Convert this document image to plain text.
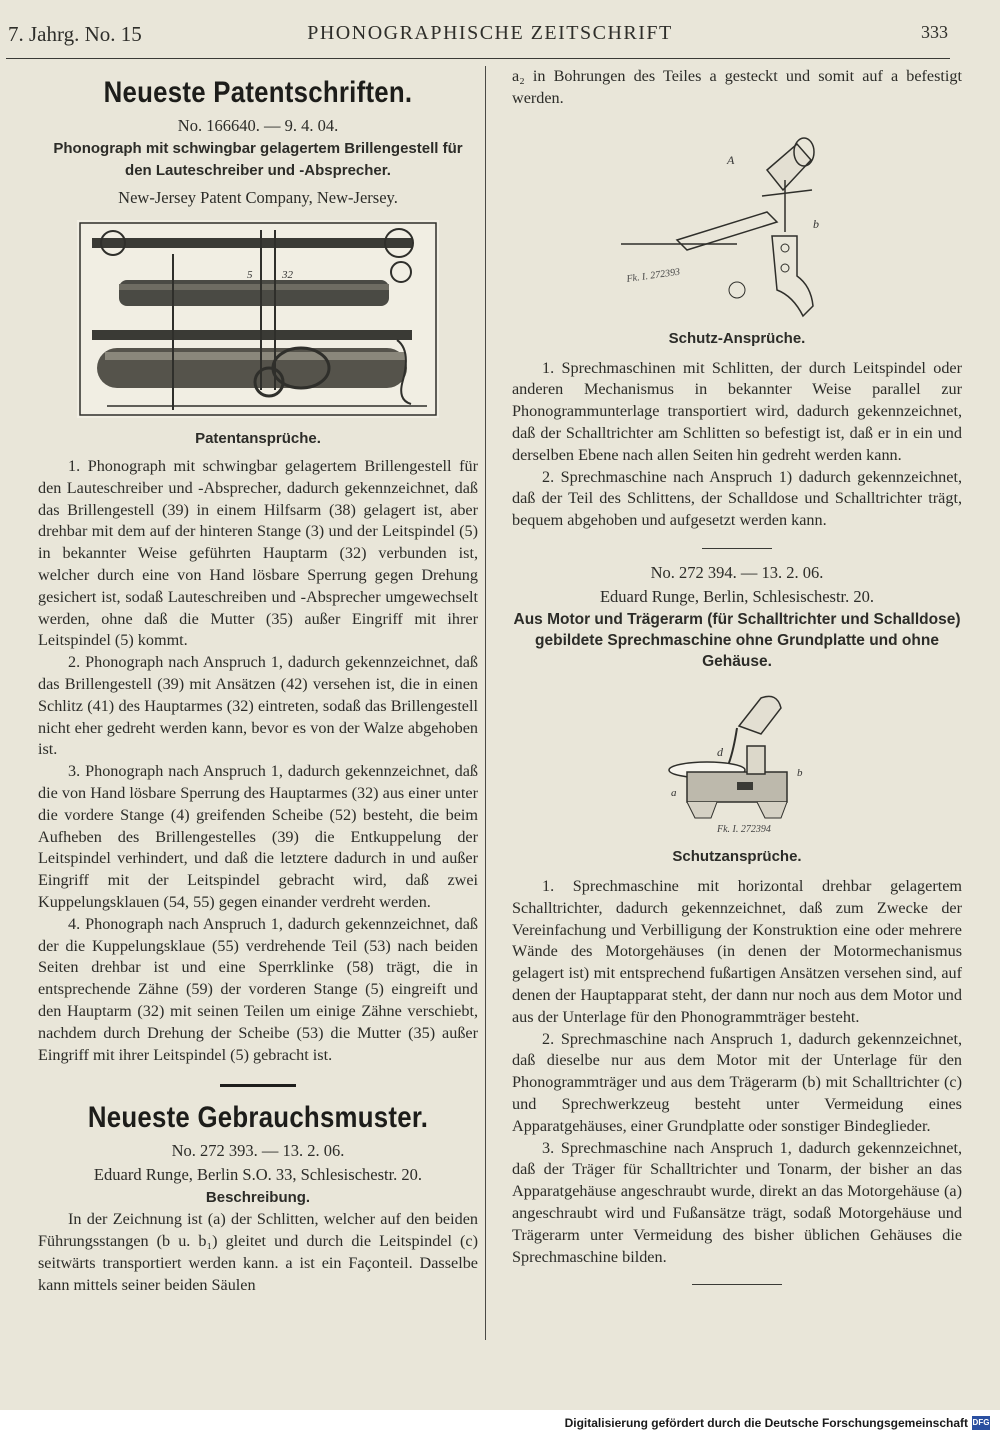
7. Jahrg. No. 15	PHONOGRAPHISCHE ZEITSCHRIFT	333
Neueste Patentschriften.
No. 166640. — 9. 4. 04.
Phonograph mit schwingbar gelagertem Brillengestell für den Lauteschreiber und -Absprecher.
New-Jersey Patent Company, New-Jersey.
5	32
Patentansprüche.

1. Phonograph mit schwingbar gelagertem Brillengestell für den Lauteschreiber und -Absprecher, dadurch gekennzeichnet, daß das Brillengestell (39) in einem Hilfsarm (38) gelagert ist, aber drehbar mit dem auf der hinteren Stange (3) und der Leitspindel (5) in bekannter Weise geführten Hauptarm (32) verbunden ist, welcher durch eine von Hand lösbare Sperrung gegen Drehung gesichert ist, sodaß Lauteschreiben und -Absprecher umgewechselt werden, ohne daß die Mutter (35) außer Eingriff mit ihrer Leitspindel (5) kommt.

2. Phonograph nach Anspruch 1, dadurch gekennzeichnet, daß das Brillengestell (39) mit Ansätzen (42) versehen ist, die in einen Schlitz (41) des Hauptarmes (32) eintreten, sodaß das Brillengestell nicht eher gedreht werden kann, bevor es von der Walze abgehoben ist.

3. Phonograph nach Anspruch 1, dadurch gekennzeichnet, daß die von Hand lösbare Sperrung des Hauptarmes (32) aus einer unter die vordere Stange (4) greifenden Scheibe (52) besteht, die beim Aufheben des Brillengestelles (39) die Entkuppelung der Leitspindel verhindert, und daß die letztere dadurch in und außer Eingriff mit der Leitspindel gebracht wird, daß zwei Kuppelungsklauen (54, 55) gegen einander verdreht werden.

4. Phonograph nach Anspruch 1, dadurch gekennzeichnet, daß der die Kuppelungsklaue (55) verdrehende Teil (53) nach beiden Seiten drehbar ist und eine Sperrklinke (58) trägt, die in entsprechende Zähne (59) der vorderen Stange (5) eingreift und den Hauptarm (32) mit seinen Teilen um einige Zähne verschiebt, nachdem durch Drehung der Scheibe (53) die Mutter (35) außer Eingriff mit ihrer Leitspindel (5) gebracht ist.

Neueste Gebrauchsmuster.
No. 272 393. — 13. 2. 06.
Eduard Runge, Berlin S.O. 33, Schlesischestr. 20.
Beschreibung.

In der Zeichnung ist (a) der Schlitten, welcher auf den beiden Führungsstangen (b u. b₁) gleitet und durch die Leitspindel (c) seitwärts transportiert werden kann. a ist ein Façonteil. Dasselbe kann mittels seiner beiden Säulen

a₂ in Bohrungen des Teiles a gesteckt und somit auf a befestigt werden.

A
b
Fk. I. 272393
Schutz-Ansprüche.

1. Sprechmaschinen mit Schlitten, der durch Leitspindel oder anderen Mechanismus in bekannter Weise parallel zur Phonogrammunterlage transportiert wird, dadurch gekennzeichnet, daß der Schalltrichter am Schlitten so befestigt ist, daß er in ein und derselben Ebene nach allen Seiten hin gedreht werden kann.

2. Sprechmaschine nach Anspruch 1) dadurch gekennzeichnet, daß der Teil des Schlittens, der Schalldose und Schalltrichter trägt, bequem abgehoben und aufgesetzt werden kann.

No. 272 394. — 13. 2. 06.
Eduard Runge, Berlin, Schlesischestr. 20.
Aus Motor und Trägerarm (für Schalltrichter und Schalldose) gebildete Sprechmaschine ohne Grundplatte und ohne Gehäuse.
d
a
b
Fk. I. 272394
Schutzansprüche.

1. Sprechmaschine mit horizontal drehbar gelagertem Schalltrichter, dadurch gekennzeichnet, daß zum Zwecke der Vereinfachung und Verbilligung der Konstruktion eine oder mehrere Wände des Motorgehäuses (in denen der Motormechanismus gelagert ist) mit entsprechend fußartigen Ansätzen versehen sind, auf denen der Hauptapparat steht, der dann nur noch aus dem Motor und aus der Unterlage für den Phonogrammträger besteht.

2. Sprechmaschine nach Anspruch 1, dadurch gekennzeichnet, daß dieselbe nur aus dem Motor mit der Unterlage für den Phonogrammträger und aus dem Trägerarm (b) mit Schalltrichter (c) und Sprechwerkzeug besteht unter Vermeidung eines Apparatgehäuses, einer Grundplatte oder sonstiger Bindeglieder.

3. Sprechmaschine nach Anspruch 1, dadurch gekennzeichnet, daß der Träger für Schalltrichter und Tonarm, der bisher an das Apparatgehäuse angeschraubt wurde, direkt an das Motorgehäuse (a) angeschraubt wird und Fußansätze trägt, sodaß Motorgehäuse und Trägerarm unter Vermeidung des bisher üblichen Gehäuses die Sprechmaschine bilden.

Digitalisierung gefördert durch die Deutsche Forschungsgemeinschaft DFG
